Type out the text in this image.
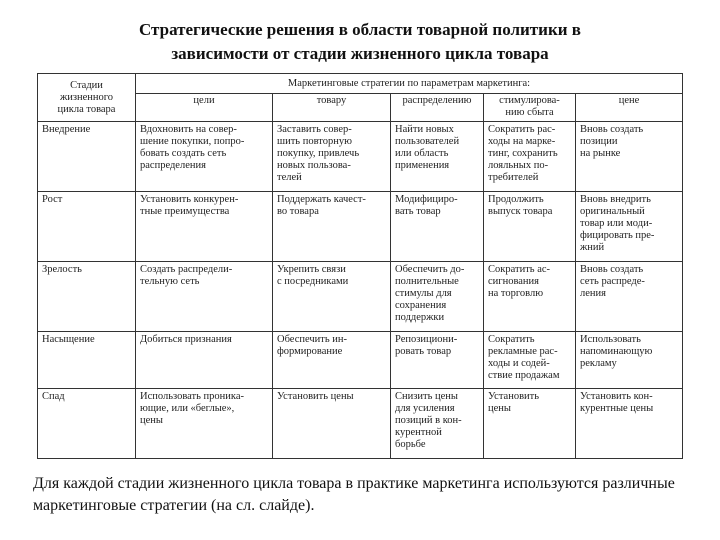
Стратегические решения в области товарной политики в
зависимости от стадии жизненного цикла товара
Стадии
жизненного
цикла товара	Маркетинговые стратегии по параметрам маркетинга:				
	цели	товару	распределению	стимулирова-
нию сбыта	цене
Внедрение	Вдохновить на совер-
шение покупки, попро-
бовать создать сеть
распределения	Заставить совер-
шить повторную
покупку, привлечь
новых пользова-
телей	Найти новых
пользователей
или область
применения	Сократить рас-
ходы на марке-
тинг, сохранить
лояльных по-
требителей	Вновь создать
позиции
на рынке
Рост	Установить конкурен-
тные преимущества	Поддержать качест-
во товара	Модифициро-
вать товар	Продолжить
выпуск товара	Вновь внедрить
оригинальный
товар или моди-
фицировать пре-
жний
Зрелость	Создать распредели-
тельную сеть	Укрепить связи
с посредниками	Обеспечить до-
полнительные
стимулы для
сохранения
поддержки	Сократить ас-
сигнования
на торговлю	Вновь создать
сеть распреде-
ления
Насыщение	Добиться признания	Обеспечить ин-
формирование	Репозициони-
ровать товар	Сократить
рекламные рас-
ходы и содей-
ствие продажам	Использовать
напоминающую
рекламу
Спад	Использовать проника-
ющие, или «беглые»,
цены	Установить цены	Снизить цены
для усиления
позиций в кон-
курентной
борьбе	Установить
цены	Установить кон-
курентные цены
Для каждой стадии жизненного цикла товара в практике маркетинга используются различные маркетинговые стратегии (на сл. слайде).
